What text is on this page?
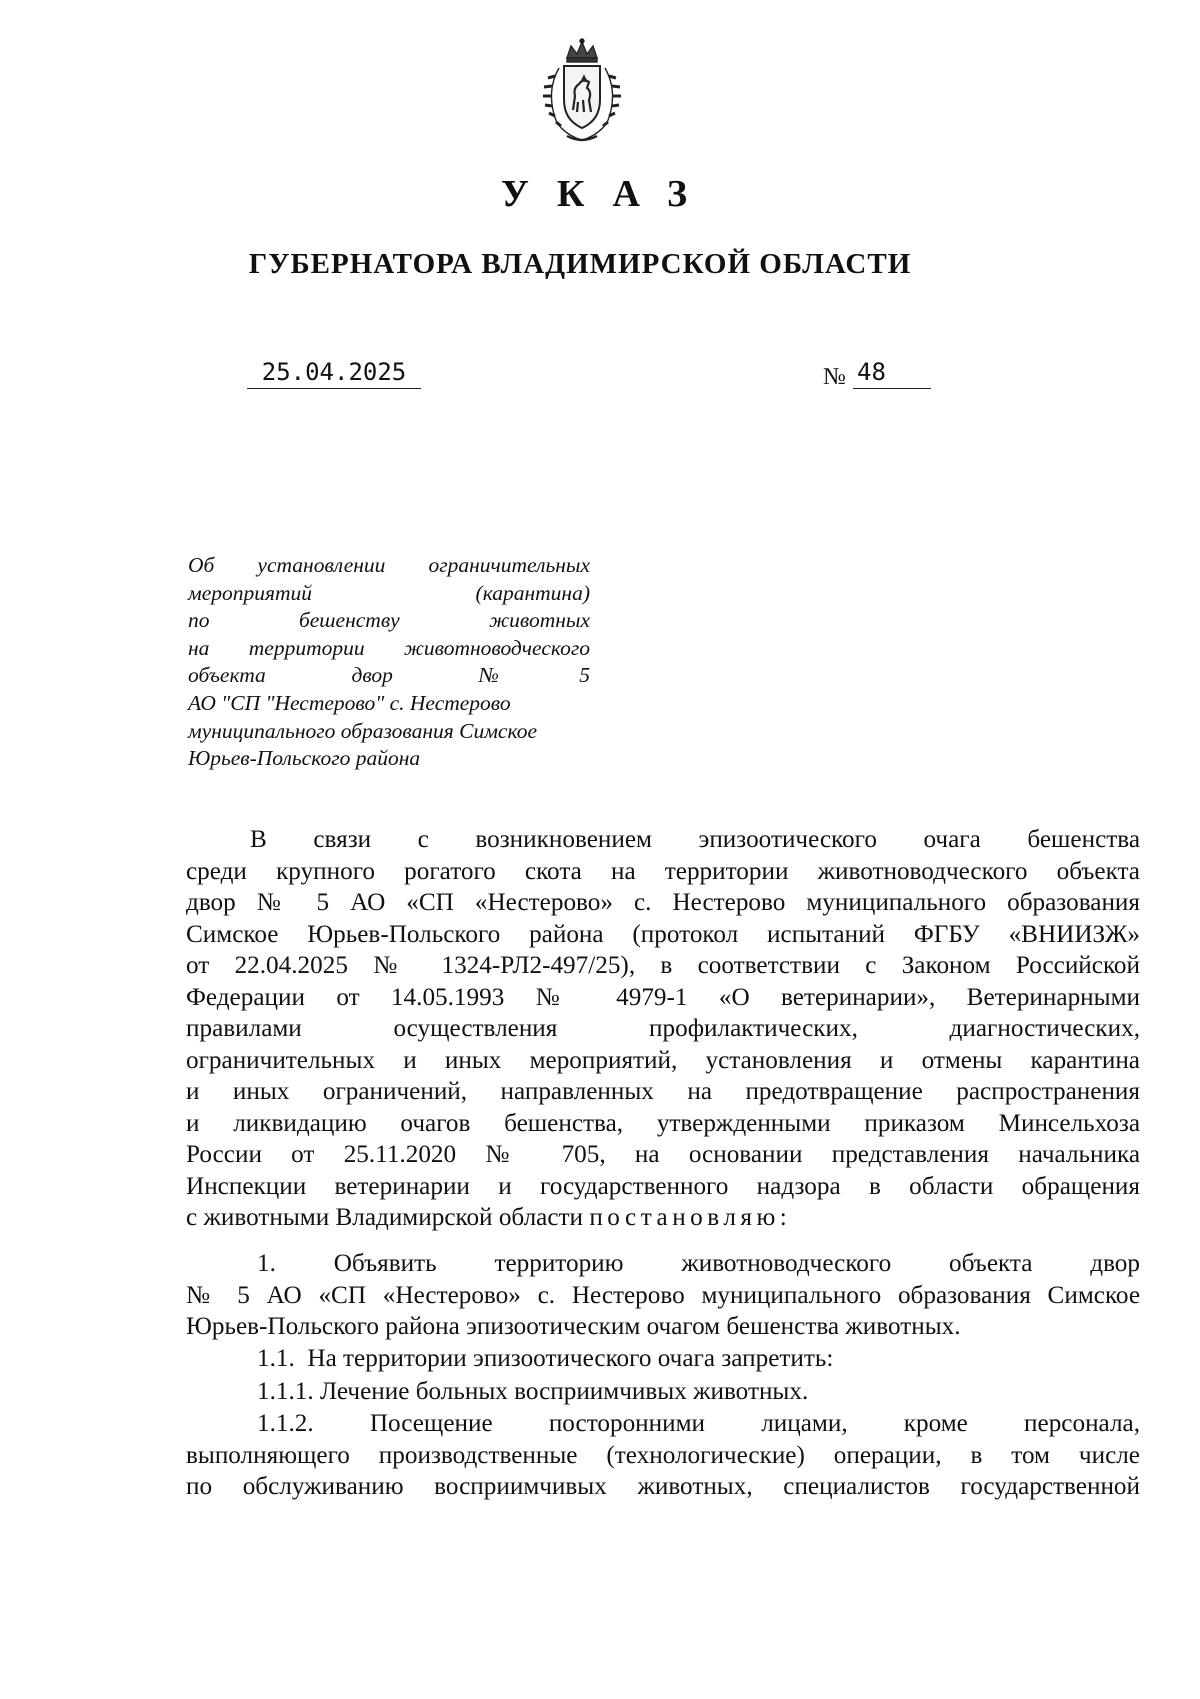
УКАЗ
ГУБЕРНАТОРА ВЛАДИМИРСКОЙ ОБЛАСТИ
25.04.2025	№ 48
Об установлении ограничительных
мероприятий (карантина)
по бешенству животных
на территории животноводческого
объекта двор №5
АО "СП "Нестерово" с. Нестерово
муниципального образования Симское
Юрьев-Польского района
В связи с возникновением эпизоотического очага бешенства
среди крупного рогатого скота на территории животноводческого объекта
двор № 5 АО «СП «Нестерово» с. Нестерово муниципального образования
Симское Юрьев-Польского района (протокол испытаний ФГБУ «ВНИИЗЖ»
от 22.04.2025 № 1324-РЛ2-497/25), в соответствии с Законом Российской
Федерации от 14.05.1993 № 4979-1 «О ветеринарии», Ветеринарными
правилами осуществления профилактических, диагностических,
ограничительных и иных мероприятий, установления и отмены карантина
и иных ограничений, направленных на предотвращение распространения
и ликвидацию очагов бешенства, утвержденными приказом Минсельхоза
России от 25.11.2020 № 705, на основании представления начальника
Инспекции ветеринарии и государственного надзора в области обращения
с животными Владимирской области постановляю:
1. Объявить территорию животноводческого объекта двор
№ 5 АО «СП «Нестерово» с. Нестерово муниципального образования Симское
Юрьев-Польского района эпизоотическим очагом бешенства животных.
1.1.  На территории эпизоотического очага запретить:
1.1.1. Лечение больных восприимчивых животных.
1.1.2. Посещение посторонними лицами, кроме персонала,
выполняющего производственные (технологические) операции, в том числе
по обслуживанию восприимчивых животных, специалистов государственной
